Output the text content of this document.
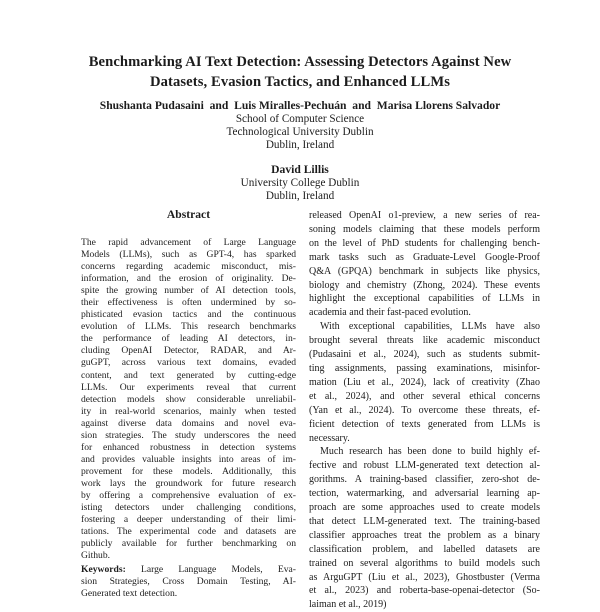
Benchmarking AI Text Detection: Assessing Detectors Against New
Datasets, Evasion Tactics, and Enhanced LLMs
Shushanta Pudasaini and Luis Miralles-Pechuán and Marisa Llorens Salvador
School of Computer Science
Technological University Dublin
Dublin, Ireland
David Lillis
University College Dublin
Dublin, Ireland
Abstract
The rapid advancement of Large Language
Models (LLMs), such as GPT-4, has sparked
concerns regarding academic misconduct, mis-
information, and the erosion of originality. De-
spite the growing number of AI detection tools,
their effectiveness is often undermined by so-
phisticated evasion tactics and the continuous
evolution of LLMs. This research benchmarks
the performance of leading AI detectors, in-
cluding OpenAI Detector, RADAR, and Ar-
guGPT, across various text domains, evaded
content, and text generated by cutting-edge
LLMs. Our experiments reveal that current
detection models show considerable unreliabil-
ity in real-world scenarios, mainly when tested
against diverse data domains and novel eva-
sion strategies. The study underscores the need
for enhanced robustness in detection systems
and provides valuable insights into areas of im-
provement for these models. Additionally, this
work lays the groundwork for future research
by offering a comprehensive evaluation of ex-
isting detectors under challenging conditions,
fostering a deeper understanding of their limi-
tations. The experimental code and datasets are
publicly available for further benchmarking on
Github.
Keywords: Large Language Models, Eva-
sion Strategies, Cross Domain Testing, AI-
Generated text detection.
released OpenAI o1-preview, a new series of rea-
soning models claiming that these models perform
on the level of PhD students for challenging bench-
mark tasks such as Graduate-Level Google-Proof
Q&A (GPQA) benchmark in subjects like physics,
biology and chemistry (Zhong, 2024). These events
highlight the exceptional capabilities of LLMs in
academia and their fast-paced evolution.
With exceptional capabilities, LLMs have also
brought several threats like academic misconduct
(Pudasaini et al., 2024), such as students submit-
ting assignments, passing examinations, misinfor-
mation (Liu et al., 2024), lack of creativity (Zhao
et al., 2024), and other several ethical concerns
(Yan et al., 2024). To overcome these threats, ef-
ficient detection of texts generated from LLMs is
necessary.
Much research has been done to build highly ef-
fective and robust LLM-generated text detection al-
gorithms. A training-based classifier, zero-shot de-
tection, watermarking, and adversarial learning ap-
proach are some approaches used to create models
that detect LLM-generated text. The training-based
classifier approaches treat the problem as a binary
classification problem, and labelled datasets are
trained on several algorithms to build models such
as ArguGPT (Liu et al., 2023), Ghostbuster (Verma
et al., 2023) and roberta-base-openai-detector (So-
laiman et al., 2019)
